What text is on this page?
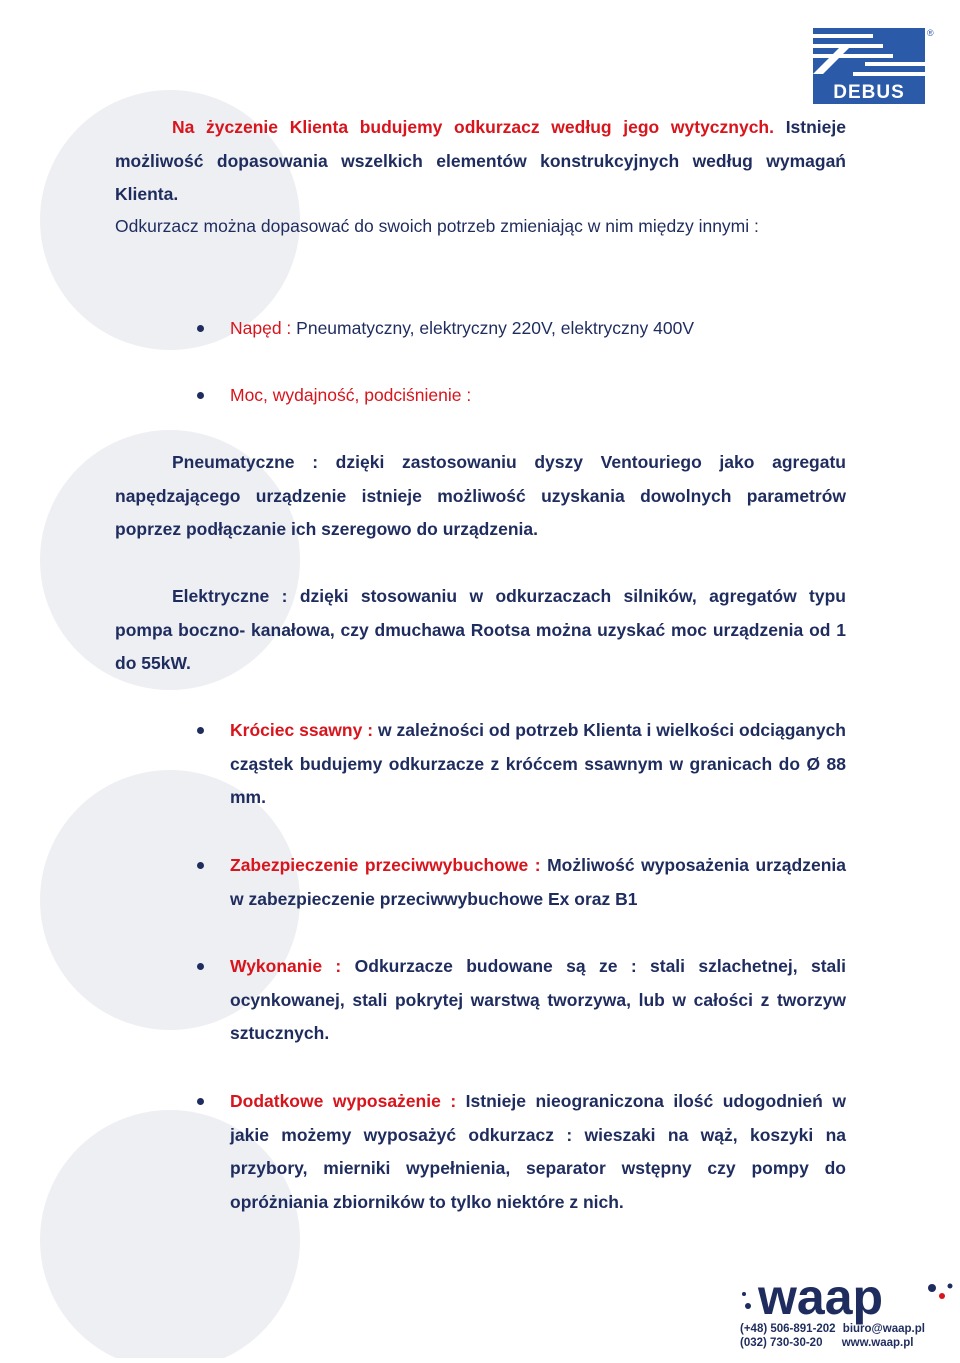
DEBUS
®
Na życzenie Klienta budujemy odkurzacz według jego wytycznych. Istnieje możliwość dopasowania wszelkich elementów konstrukcyjnych według wymagań Klienta.
Odkurzacz można dopasować do swoich potrzeb zmieniając w nim między innymi :
Napęd : Pneumatyczny, elektryczny 220V, elektryczny 400V
Moc, wydajność, podciśnienie :
Pneumatyczne : dzięki zastosowaniu dyszy Ventouriego jako agregatu napędzającego urządzenie istnieje możliwość uzyskania dowolnych parametrów poprzez podłączanie ich szeregowo do urządzenia.
Elektryczne : dzięki stosowaniu w odkurzaczach silników, agregatów typu pompa boczno- kanałowa, czy dmuchawa Rootsa można uzyskać moc urządzenia od 1 do 55kW.
Króciec ssawny : w zależności od potrzeb Klienta i wielkości odciąganych cząstek budujemy odkurzacze z króćcem ssawnym w granicach do Ø 88 mm.
Zabezpieczenie przeciwwybuchowe : Możliwość wyposażenia urządzenia w zabezpieczenie przeciwwybuchowe Ex oraz B1
Wykonanie : Odkurzacze budowane są ze : stali szlachetnej, stali ocynkowanej, stali pokrytej warstwą tworzywa, lub w całości z tworzyw sztucznych.
Dodatkowe wyposażenie : Istnieje nieograniczona ilość udogodnień w jakie możemy wyposażyć odkurzacz : wieszaki na wąż, koszyki na przybory, mierniki wypełnienia, separator wstępny czy pompy do opróżniania zbiorników to tylko niektóre z nich.
waap
(+48) 506-891-202 biuro@waap.pl
(032) 730-30-20 www.waap.pl
